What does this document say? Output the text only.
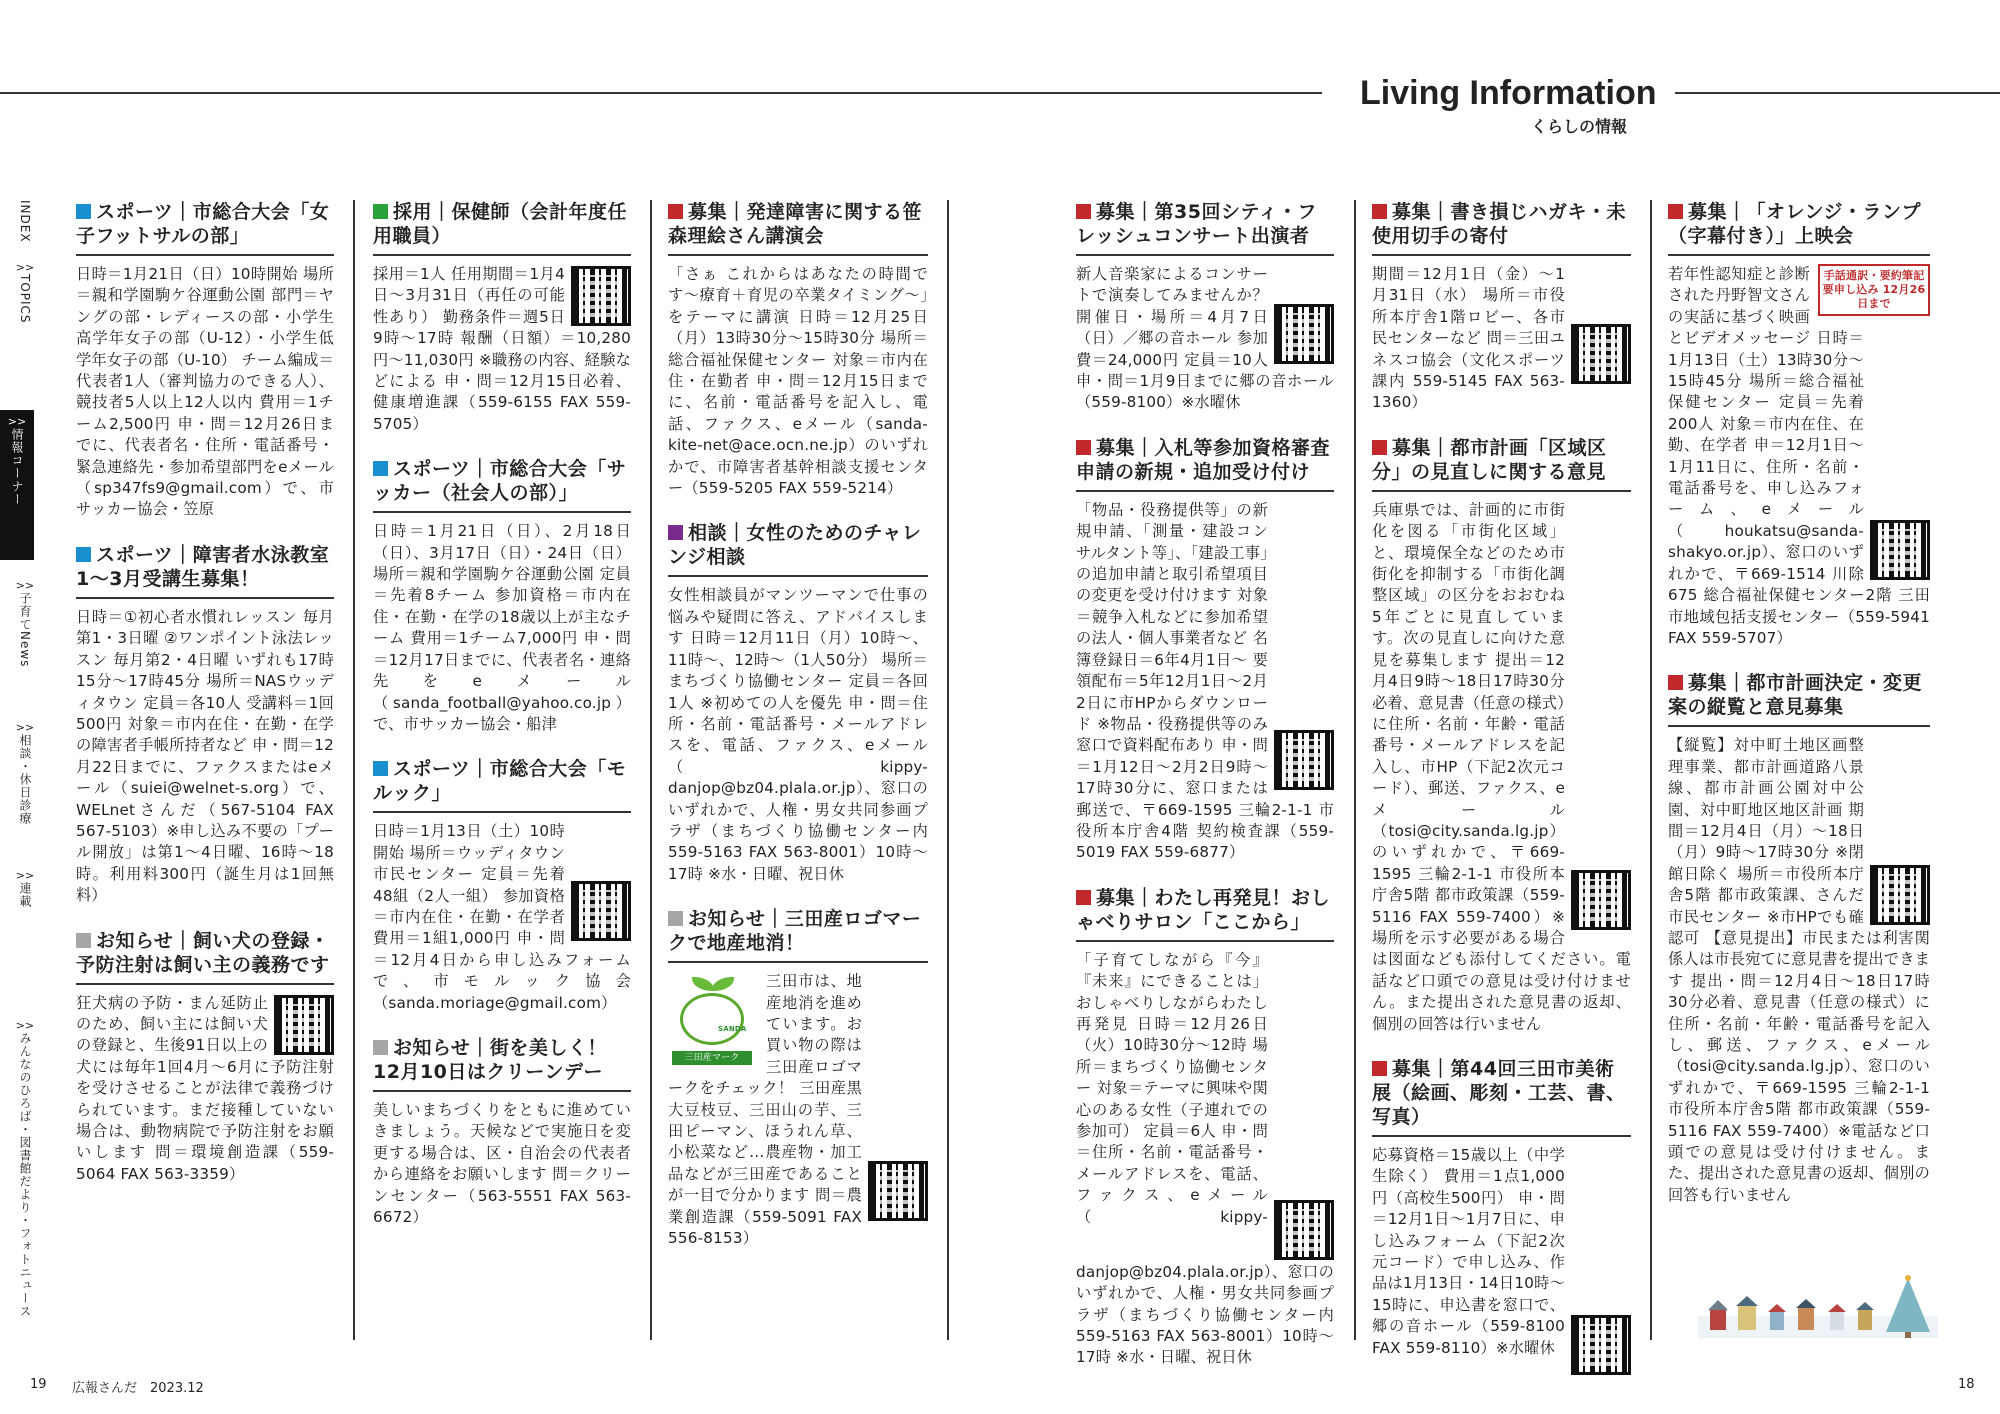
Living Information
くらしの情報
INDEX
>>
TOPICS
>>
情報コーナー
>>
子育てNews
>>
相談・休日診療
>>
連載
>>
みんなのひろば・図書館だより・フォトニュース
スポーツ｜市総合大会「女子フットサルの部」
日時＝1月21日（日）10時開始 場所＝親和学園駒ケ谷運動公園 部門＝ヤングの部・レディースの部・小学生高学年女子の部（U-12）・小学生低学年女子の部（U-10） チーム編成＝代表者1人（審判協力のできる人）、競技者5人以上12人以内 費用＝1チーム2,500円 申・問＝12月26日までに、代表者名・住所・電話番号・緊急連絡先・参加希望部門をeメール（sp347fs9@gmail.com）で、市サッカー協会・笠原
スポーツ｜障害者水泳教室 1〜3月受講生募集！
日時＝①初心者水慣れレッスン 毎月第1・3日曜 ②ワンポイント泳法レッスン 毎月第2・4日曜 いずれも17時15分〜17時45分 場所＝NASウッディタウン 定員＝各10人 受講料＝1回500円 対象＝市内在住・在勤・在学の障害者手帳所持者など 申・問＝12月22日までに、ファクスまたはeメール（suiei@welnet-s.org）で、WELnetさんだ（567-5104 FAX 567-5103）※申し込み不要の「プール開放」は第1〜4日曜、16時〜18時。利用料300円（誕生月は1回無料）
お知らせ｜飼い犬の登録・予防注射は飼い主の義務です
狂犬病の予防・まん延防止のため、飼い主には飼い犬の登録と、生後91日以上の犬には毎年1回4月〜6月に予防注射を受けさせることが法律で義務づけられています。まだ接種していない場合は、動物病院で予防注射をお願いします 問＝環境創造課（559-5064 FAX 563-3359）
採用｜保健師（会計年度任用職員）
採用＝1人 任用期間＝1月4日〜3月31日（再任の可能性あり） 勤務条件＝週5日9時〜17時 報酬（日額）＝10,280円〜11,030円 ※職務の内容、経験などによる 申・問＝12月15日必着、健康増進課（559-6155 FAX 559-5705）
スポーツ｜市総合大会「サッカー（社会人の部）」
日時＝1月21日（日）、2月18日（日）、3月17日（日）・24日（日） 場所＝親和学園駒ケ谷運動公園 定員＝先着8チーム 参加資格＝市内在住・在勤・在学の18歳以上が主なチーム 費用＝1チーム7,000円 申・問＝12月17日までに、代表者名・連絡先をeメール（sanda_football@yahoo.co.jp）で、市サッカー協会・船津
スポーツ｜市総合大会「モルック」
日時＝1月13日（土）10時開始 場所＝ウッディタウン市民センター 定員＝先着48組（2人一組） 参加資格＝市内在住・在勤・在学者 費用＝1組1,000円 申・問＝12月4日から申し込みフォームで、市モルック協会（sanda.moriage@gmail.com）
お知らせ｜街を美しく！12月10日はクリーンデー
美しいまちづくりをともに進めていきましょう。天候などで実施日を変更する場合は、区・自治会の代表者から連絡をお願いします 問＝クリーンセンター（563-5551 FAX 563-6672）
募集｜発達障害に関する笹森理絵さん講演会
「さぁ これからはあなたの時間です〜療育＋育児の卒業タイミング〜」をテーマに講演 日時＝12月25日（月）13時30分〜15時30分 場所＝総合福祉保健センター 対象＝市内在住・在勤者 申・問＝12月15日までに、名前・電話番号を記入し、電話、ファクス、eメール（sanda-kite-net@ace.ocn.ne.jp）のいずれかで、市障害者基幹相談支援センター（559-5205 FAX 559-5214）
相談｜女性のためのチャレンジ相談
女性相談員がマンツーマンで仕事の悩みや疑問に答え、アドバイスします 日時＝12月11日（月）10時〜、11時〜、12時〜（1人50分） 場所＝まちづくり協働センター 定員＝各回1人 ※初めての人を優先 申・問＝住所・名前・電話番号・メールアドレスを、電話、ファクス、eメール（kippy-danjop@bz04.plala.or.jp）、窓口のいずれかで、人権・男女共同参画プラザ（まちづくり協働センター内 559-5163 FAX 563-8001）10時〜17時 ※水・日曜、祝日休
お知らせ｜三田産ロゴマークで地産地消！
SANDA
三田産マーク
三田市は、地産地消を進めています。お買い物の際は三田産ロゴマークをチェック！ 三田産黒大豆枝豆、三田山の芋、三田ピーマン、ほうれん草、小松菜など…農産物・加工品などが三田産であることが一目で分かります 問＝農業創造課（559-5091 FAX 556-8153）
募集｜第35回シティ・フレッシュコンサート出演者
新人音楽家によるコンサートで演奏してみませんか？ 開催日・場所＝4月7日（日）／郷の音ホール 参加費＝24,000円 定員＝10人 申・問＝1月9日までに郷の音ホール（559-8100）※水曜休
募集｜入札等参加資格審査申請の新規・追加受け付け
「物品・役務提供等」の新規申請、「測量・建設コンサルタント等」、「建設工事」の追加申請と取引希望項目の変更を受け付けます 対象＝競争入札などに参加希望の法人・個人事業者など 名簿登録日＝6年4月1日〜 要領配布＝5年12月1日〜2月2日に市HPからダウンロード ※物品・役務提供等のみ窓口で資料配布あり 申・問＝1月12日〜2月2日9時〜17時30分に、窓口または郵送で、〒669-1595 三輪2-1-1 市役所本庁舎4階 契約検査課（559-5019 FAX 559-6877）
募集｜わたし再発見！おしゃべりサロン「ここから」
「子育てしながら『今』『未来』にできることは」おしゃべりしながらわたし再発見 日時＝12月26日（火）10時30分〜12時 場所＝まちづくり協働センター 対象＝テーマに興味や関心のある女性（子連れでの参加可） 定員＝6人 申・問＝住所・名前・電話番号・メールアドレスを、電話、ファクス、eメール（kippy-danjop@bz04.plala.or.jp）、窓口のいずれかで、人権・男女共同参画プラザ（まちづくり協働センター内 559-5163 FAX 563-8001）10時〜17時 ※水・日曜、祝日休
募集｜書き損じハガキ・未使用切手の寄付
期間＝12月1日（金）〜1月31日（水） 場所＝市役所本庁舎1階ロビー、各市民センターなど 問＝三田ユネスコ協会（文化スポーツ課内 559-5145 FAX 563-1360）
募集｜都市計画「区域区分」の見直しに関する意見
兵庫県では、計画的に市街化を図る「市街化区域」と、環境保全などのため市街化を抑制する「市街化調整区域」の区分をおおむね5年ごとに見直しています。次の見直しに向けた意見を募集します 提出＝12月4日9時〜18日17時30分必着、意見書（任意の様式）に住所・名前・年齢・電話番号・メールアドレスを記入し、市HP（下記2次元コード）、郵送、ファクス、eメール（tosi@city.sanda.lg.jp）のいずれかで、〒669-1595 三輪2-1-1 市役所本庁舎5階 都市政策課（559-5116 FAX 559-7400）※場所を示す必要がある場合は図面なども添付してください。電話など口頭での意見は受け付けません。また提出された意見書の返却、個別の回答は行いません
募集｜第44回三田市美術展（絵画、彫刻・工芸、書、写真）
応募資格＝15歳以上（中学生除く） 費用＝1点1,000円（高校生500円） 申・問＝12月1日〜1月7日に、申し込みフォーム（下記2次元コード）で申し込み、作品は1月13日・14日10時〜15時に、申込書を窓口で、郷の音ホール（559-8100 FAX 559-8110）※水曜休
募集｜「オレンジ・ランプ（字幕付き）」上映会
手話通訳・要約筆記要申し込み 12月26日まで
若年性認知症と診断された丹野智文さんの実話に基づく映画とビデオメッセージ 日時＝1月13日（土）13時30分〜15時45分 場所＝総合福祉保健センター 定員＝先着200人 対象＝市内在住、在勤、在学者 申＝12月1日〜1月11日に、住所・名前・電話番号を、申し込みフォーム、eメール（houkatsu@sanda-shakyo.or.jp）、窓口のいずれかで、〒669-1514 川除675 総合福祉保健センター2階 三田市地域包括支援センター（559-5941 FAX 559-5707）
募集｜都市計画決定・変更案の縦覧と意見募集
【縦覧】対中町土地区画整理事業、都市計画道路八景線、都市計画公園対中公園、対中町地区地区計画 期間＝12月4日（月）〜18日（月）9時〜17時30分 ※閉館日除く 場所＝市役所本庁舎5階 都市政策課、さんだ市民センター ※市HPでも確認可 【意見提出】市民または利害関係人は市長宛てに意見書を提出できます 提出・問＝12月4日〜18日17時30分必着、意見書（任意の様式）に住所・名前・年齢・電話番号を記入し、郵送、ファクス、eメール（tosi@city.sanda.lg.jp）、窓口のいずれかで、〒669-1595 三輪2-1-1 市役所本庁舎5階 都市政策課（559-5116 FAX 559-7400）※電話など口頭での意見は受け付けません。また、提出された意見書の返却、個別の回答も行いません
19 広報さんだ　2023.12	18
